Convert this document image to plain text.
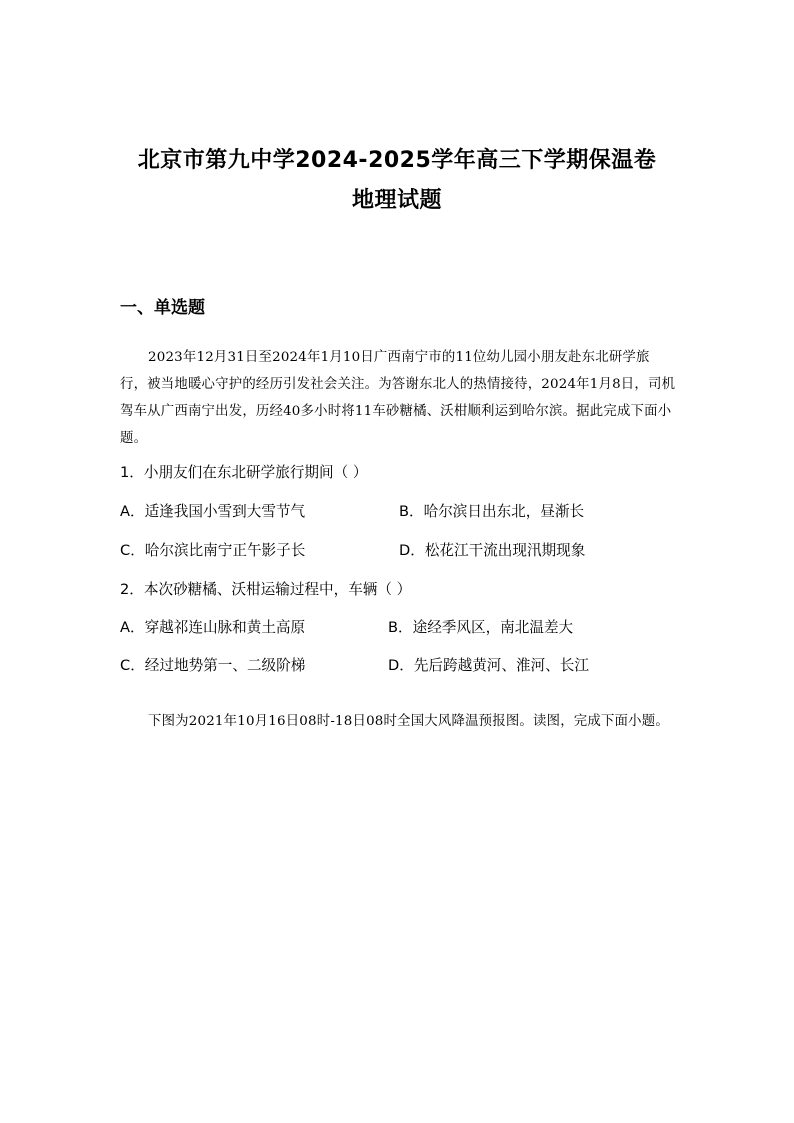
北京市第九中学2024-2025学年高三下学期保温卷
地理试题
一、单选题
2023年12月31日至2024年1月10日广西南宁市的11位幼儿园小朋友赴东北研学旅行，被当地暖心守护的经历引发社会关注。为答谢东北人的热情接待，2024年1月8日，司机驾车从广西南宁出发，历经40多小时将11车砂糖橘、沃柑顺利运到哈尔滨。据此完成下面小题。
1．小朋友们在东北研学旅行期间（ ）
A．适逢我国小雪到大雪节气	B．哈尔滨日出东北，昼渐长
C．哈尔滨比南宁正午影子长	D．松花江干流出现汛期现象
2．本次砂糖橘、沃柑运输过程中，车辆（ ）
A．穿越祁连山脉和黄土高原	B．途经季风区，南北温差大
C．经过地势第一、二级阶梯	D．先后跨越黄河、淮河、长江
下图为2021年10月16日08时-18日08时全国大风降温预报图。读图，完成下面小题。
